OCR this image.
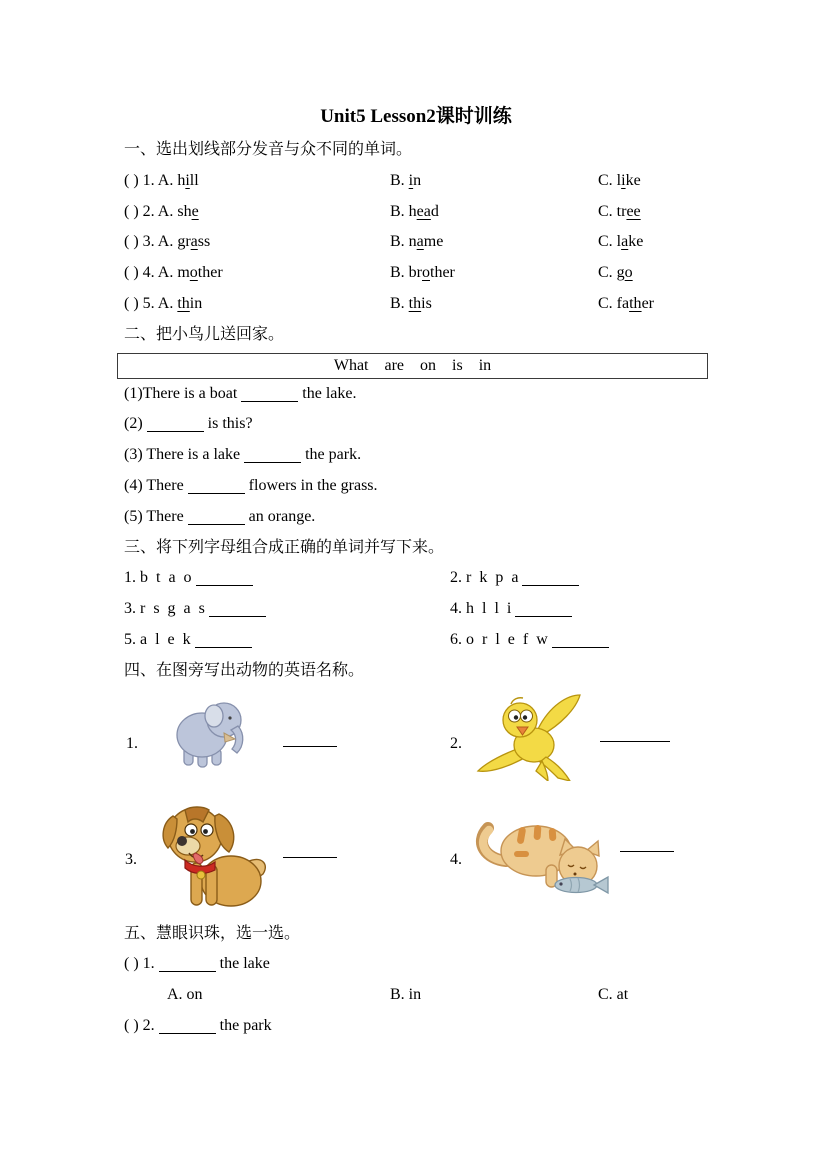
Unit5 Lesson2课时训练
一、选出划线部分发音与众不同的单词。
( ) 1. A. hill	B. in	C. like
( ) 2. A. she	B. head	C. tree
( ) 3. A. grass	B. name	C. lake
( ) 4. A. mother	B. brother	C. go
( ) 5. A. thin	B. this	C. father
二、把小鸟儿送回家。
What are on is in
(1)There is a boat	the lake.
(2)	is this?
(3) There is a lake	the park.
(4) There	flowers in the grass.
(5) There	an orange.
三、将下列字母组合成正确的单词并写下来。
1. b t a o	2. r k p a
3. r s g a s	4. h l l i
5. a l e k	6. o r l e f w
四、在图旁写出动物的英语名称。
1.	2.
3.	4.
五、慧眼识珠，选一选。
( ) 1.	the lake
A. on	B. in	C. at
( ) 2.	the park
